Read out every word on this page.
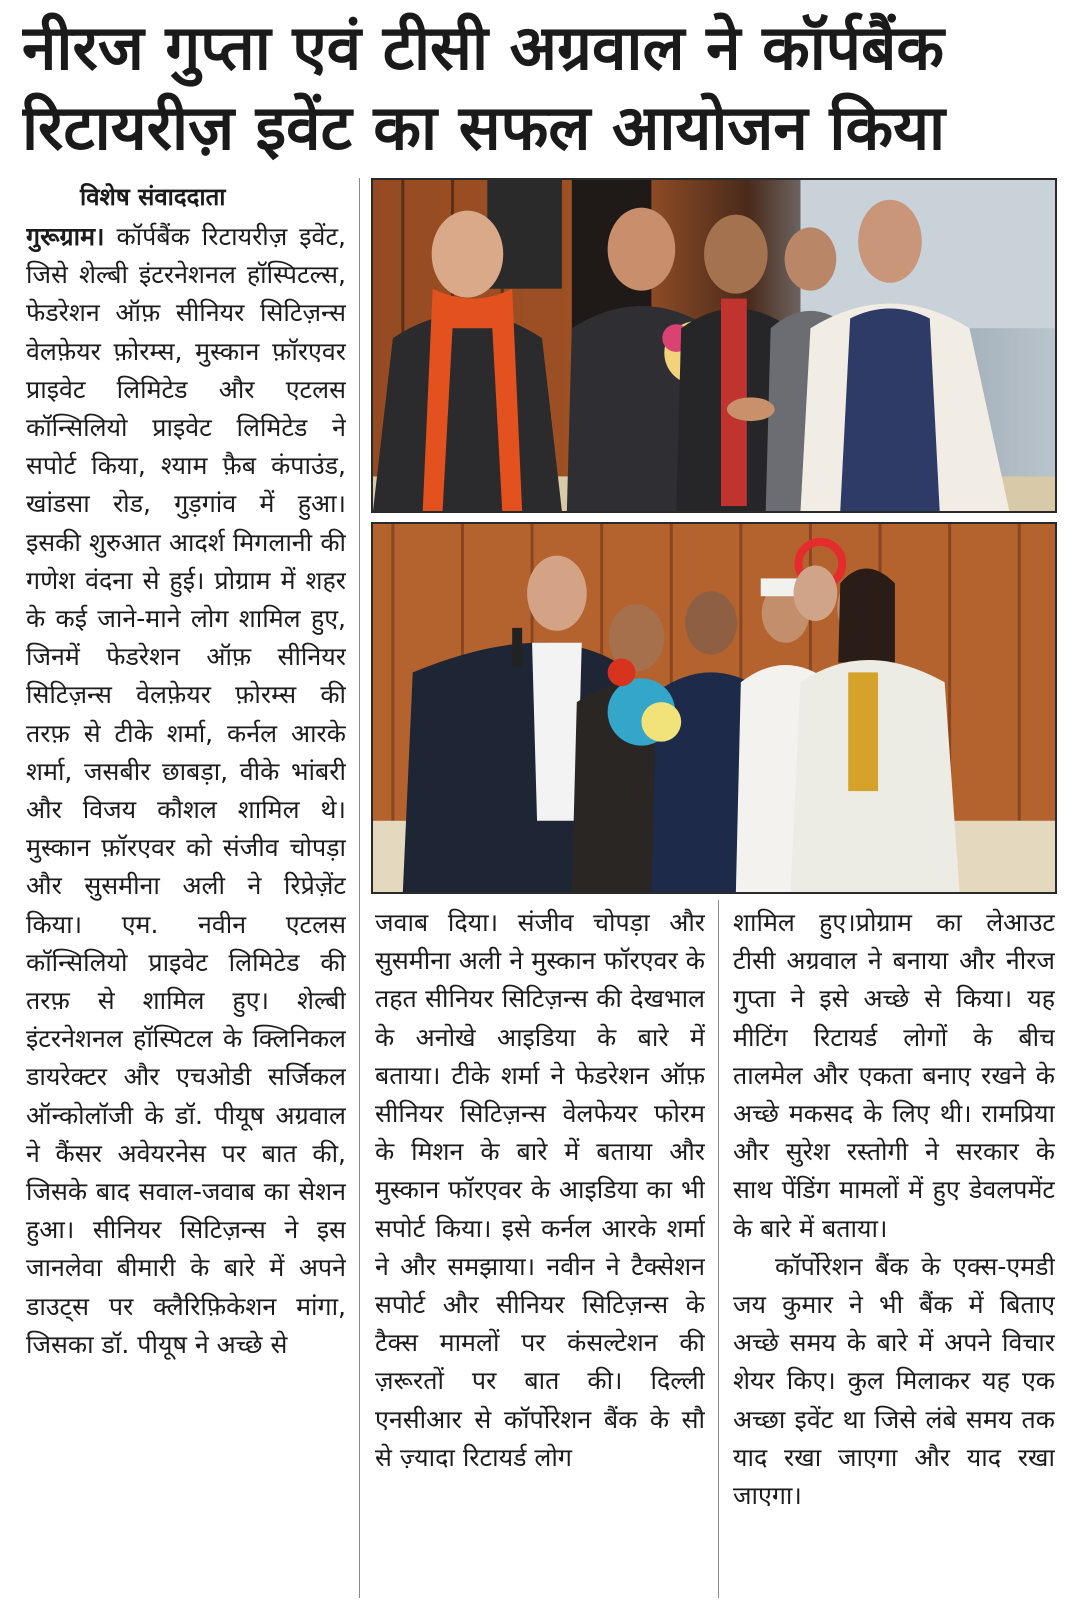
नीरज गुप्ता एवं टीसी अग्रवाल ने कॉर्पबैंक
रिटायरीज़ इवेंट का सफल आयोजन किया
विशेष संवाददाता

गुरूग्राम। कॉर्पबैंक रिटायरीज़ इवेंट, जिसे शेल्बी इंटरनेशनल हॉस्पिटल्स, फेडरेशन ऑफ़ सीनियर सिटिज़न्स वेलफ़ेयर फ़ोरम्स, मुस्कान फ़ॉरएवर प्राइवेट लिमिटेड और एटलस कॉन्सिलियो प्राइवेट लिमिटेड ने सपोर्ट किया, श्याम फ़ैब कंपाउंड, खांडसा रोड, गुड़गांव में हुआ। इसकी शुरुआत आदर्श मिगलानी की गणेश वंदना से हुई। प्रोग्राम में शहर के कई जाने-माने लोग शामिल हुए, जिनमें फेडरेशन ऑफ़ सीनियर सिटिज़न्स वेलफ़ेयर फ़ोरम्स की तरफ़ से टीके शर्मा, कर्नल आरके शर्मा, जसबीर छाबड़ा, वीके भांबरी और विजय कौशल शामिल थे। मुस्कान फ़ॉरएवर को संजीव चोपड़ा और सुसमीना अली ने रिप्रेज़ेंट किया। एम. नवीन एटलस कॉन्सिलियो प्राइवेट लिमिटेड की तरफ़ से शामिल हुए। शेल्बी इंटरनेशनल हॉस्पिटल के क्लिनिकल डायरेक्टर और एचओडी सर्जिकल ऑन्कोलॉजी के डॉ. पीयूष अग्रवाल ने कैंसर अवेयरनेस पर बात की, जिसके बाद सवाल-जवाब का सेशन हुआ। सीनियर सिटिज़न्स ने इस जानलेवा बीमारी के बारे में अपने डाउट्स पर क्लैरिफ़िकेशन मांगा, जिसका डॉ. पीयूष ने अच्छे से

जवाब दिया। संजीव चोपड़ा और सुसमीना अली ने मुस्कान फॉरएवर के तहत सीनियर सिटिज़न्स की देखभाल के अनोखे आइडिया के बारे में बताया। टीके शर्मा ने फेडरेशन ऑफ़ सीनियर सिटिज़न्स वेलफेयर फोरम के मिशन के बारे में बताया और मुस्कान फॉरएवर के आइडिया का भी सपोर्ट किया। इसे कर्नल आरके शर्मा ने और समझाया। नवीन ने टैक्सेशन सपोर्ट और सीनियर सिटिज़न्स के टैक्स मामलों पर कंसल्टेशन की ज़रूरतों पर बात की। दिल्ली एनसीआर से कॉर्पोरेशन बैंक के सौ से ज़्यादा रिटायर्ड लोग

शामिल हुए।प्रोग्राम का लेआउट टीसी अग्रवाल ने बनाया और नीरज गुप्ता ने इसे अच्छे से किया। यह मीटिंग रिटायर्ड लोगों के बीच तालमेल और एकता बनाए रखने के अच्छे मकसद के लिए थी। रामप्रिया और सुरेश रस्तोगी ने सरकार के साथ पेंडिंग मामलों में हुए डेवलपमेंट के बारे में बताया।

कॉर्पोरेशन बैंक के एक्स-एमडी जय कुमार ने भी बैंक में बिताए अच्छे समय के बारे में अपने विचार शेयर किए। कुल मिलाकर यह एक अच्छा इवेंट था जिसे लंबे समय तक याद रखा जाएगा और याद रखा जाएगा।
